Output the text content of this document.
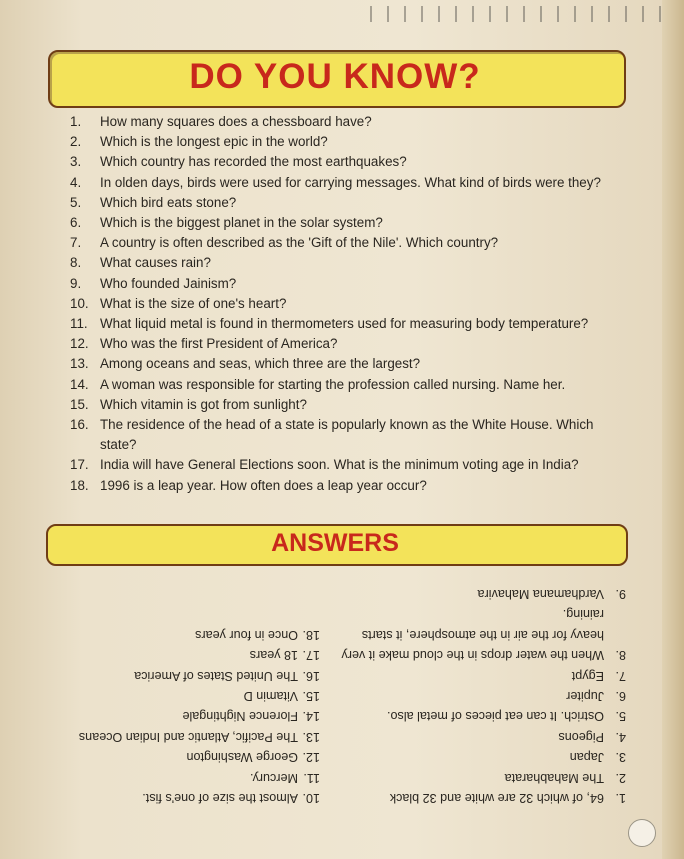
DO YOU KNOW?
1.	How many squares does a chessboard have?
2.	Which is the longest epic in the world?
3.	Which country has recorded the most earthquakes?
4.	In olden days, birds were used for carrying messages. What kind of birds were they?
5.	Which bird eats stone?
6.	Which is the biggest planet in the solar system?
7.	A country is often described as the 'Gift of the Nile'. Which country?
8.	What causes rain?
9.	Who founded Jainism?
10. What is the size of one's heart?
11. What liquid metal is found in thermometers used for measuring body temperature?
12. Who was the first President of America?
13. Among oceans and seas, which three are the largest?
14. A woman was responsible for starting the profession called nursing. Name her.
15. Which vitamin is got from sunlight?
16. The residence of the head of a state is popularly known as the White House. Which state?
17. India will have General Elections soon. What is the minimum voting age in India?
18. 1996 is a leap year. How often does a leap year occur?
ANSWERS
1.
64, of which 32 are white and 32 black
2.
The Mahabharata
3.
Japan
4.
Pigeons
5.
Ostrich. It can eat pieces of metal also.
6.
Jupiter
7.
Egypt
8.
When the water drops in the cloud make it very heavy for the air in the atmosphere, it starts raining.
9.
Vardhamana Mahavira
10.
Almost the size of one's fist.
11.
Mercury.
12.
George Washington
13.
The Pacific, Atlantic and Indian Oceans
14.
Florence Nightingale
15.
Vitamin D
16.
The United States of America
17.
18 years
18.
Once in four years
